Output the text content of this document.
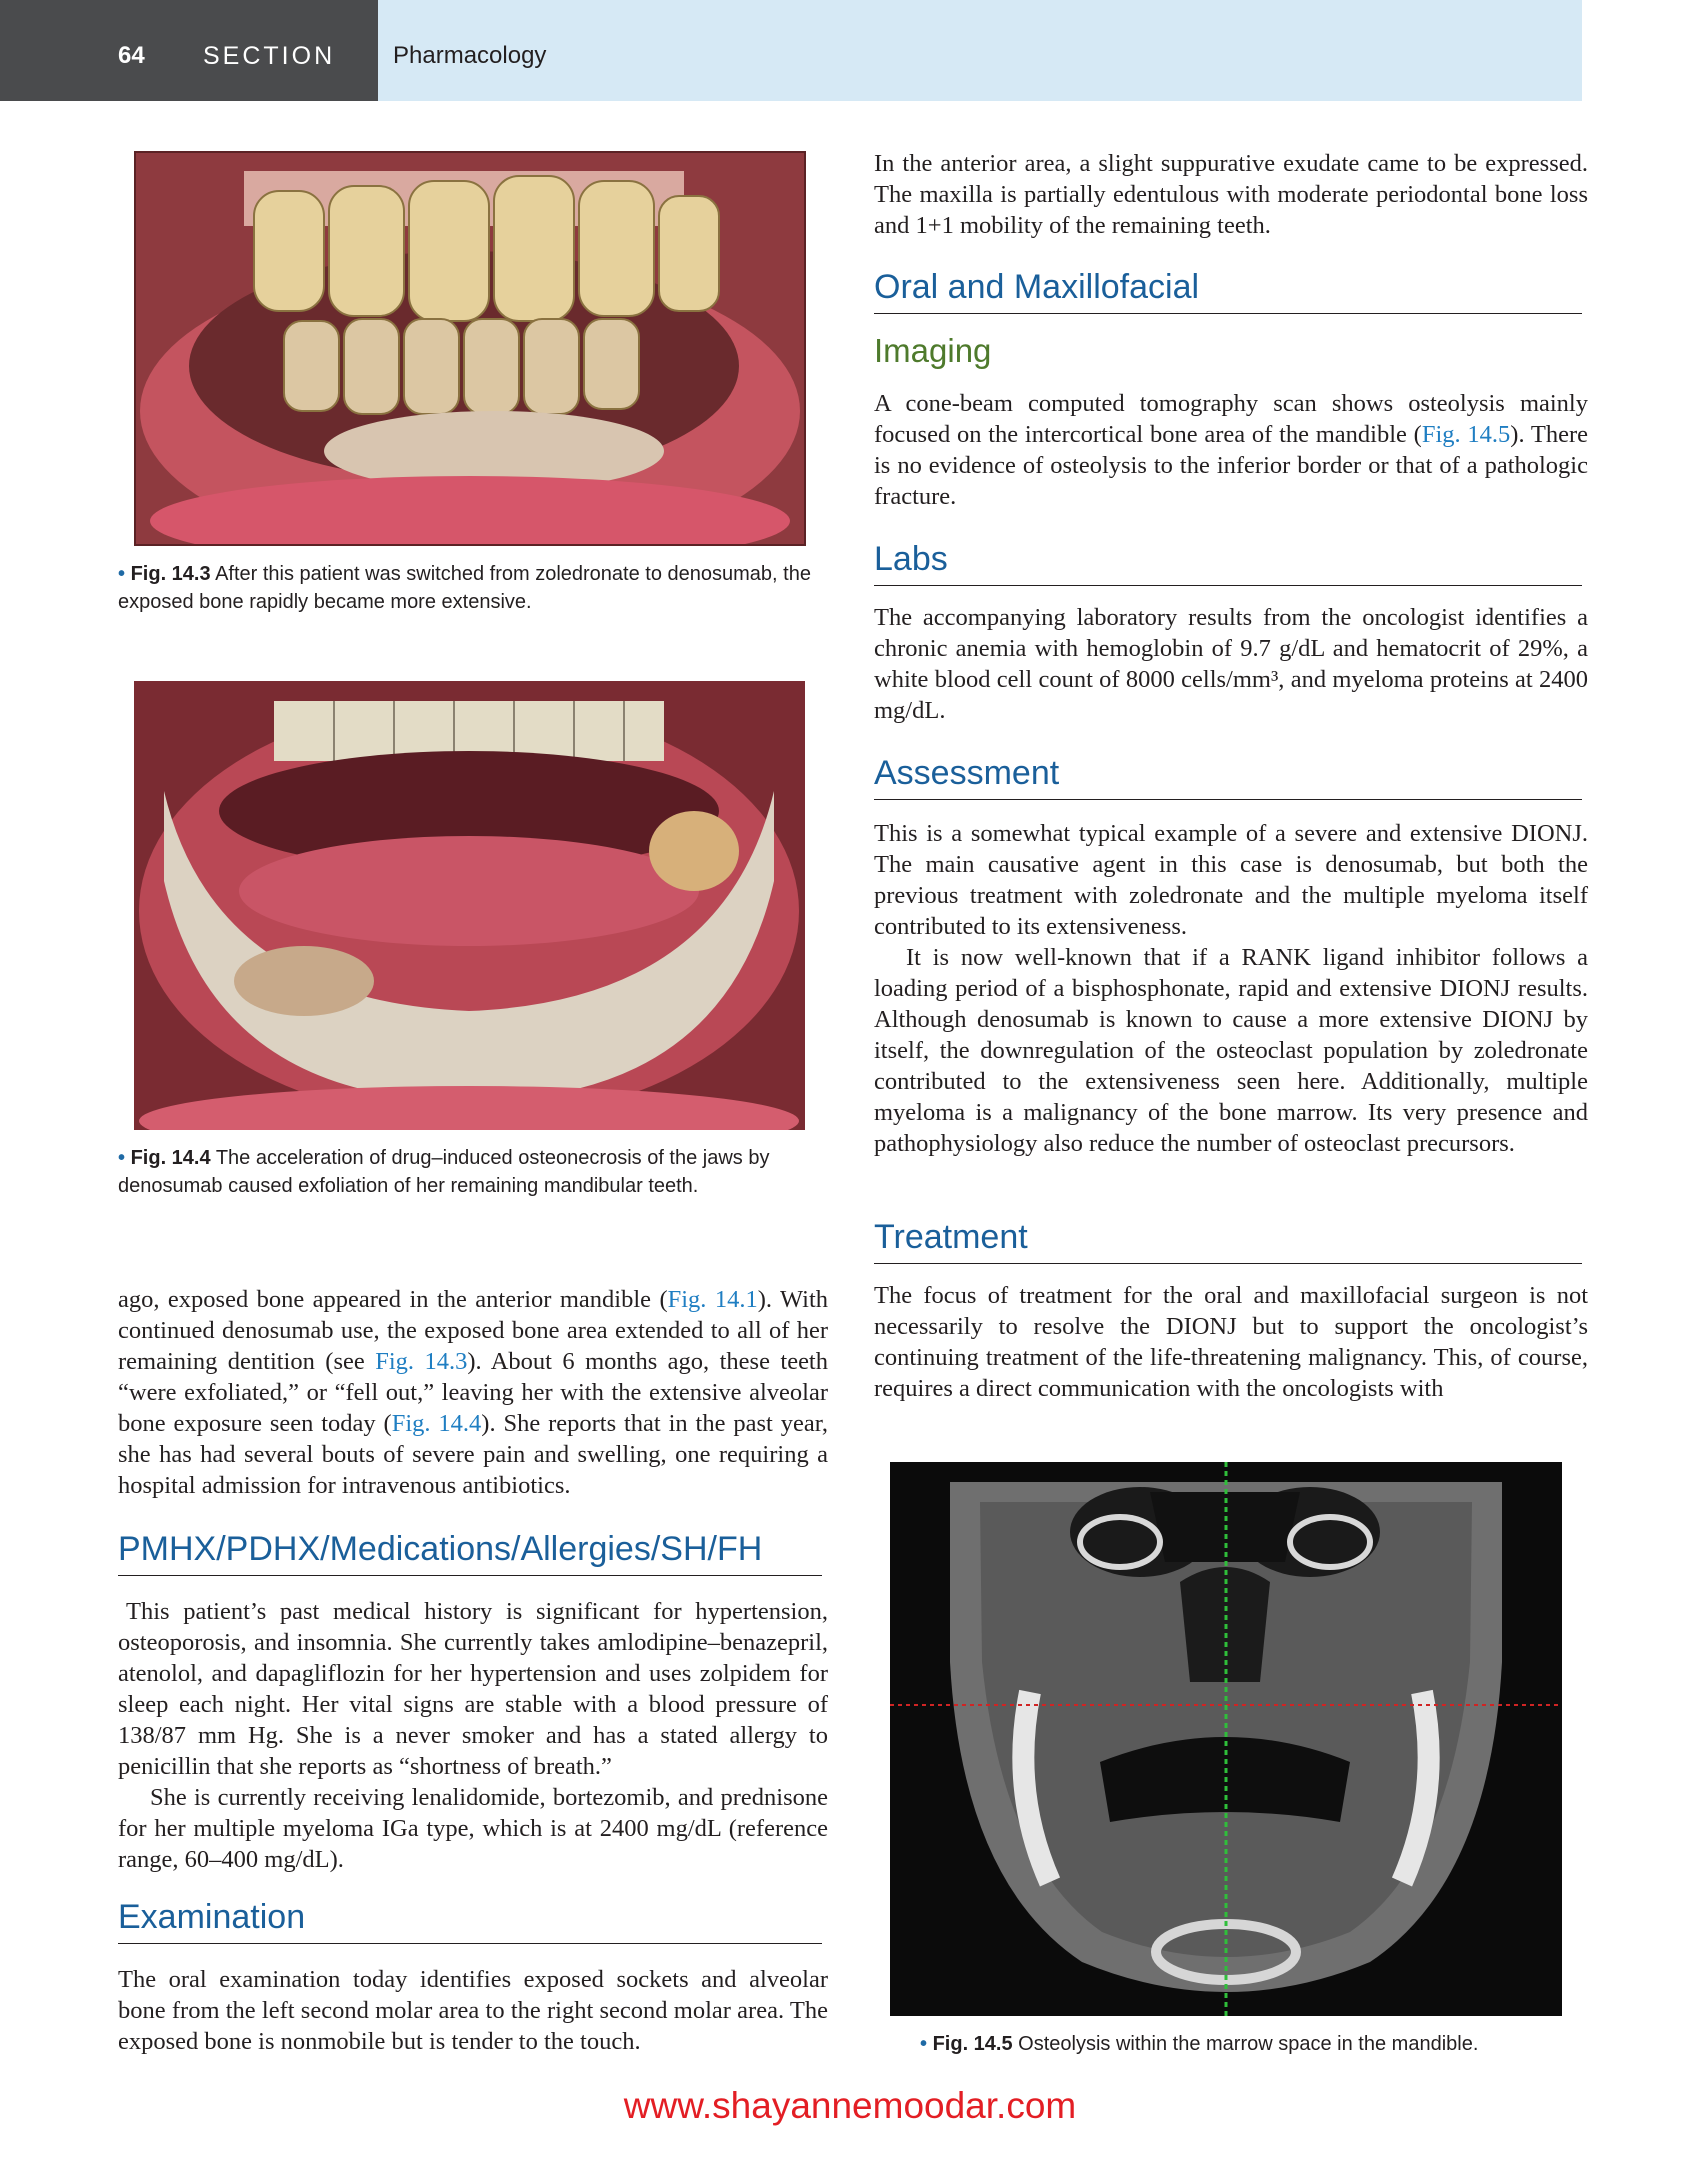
64 SECTION Pharmacology
• Fig. 14.3 After this patient was switched from zoledronate to denosumab, the exposed bone rapidly became more extensive.
• Fig. 14.4 The acceleration of drug–induced osteonecrosis of the jaws by denosumab caused exfoliation of her remaining mandibular teeth.

ago, exposed bone appeared in the anterior mandible (Fig. 14.1). With continued denosumab use, the exposed bone area extended to all of her remaining dentition (see Fig. 14.3). About 6 months ago, these teeth “were exfoliated,” or “fell out,” leaving her with the extensive alveolar bone exposure seen today (Fig. 14.4). She reports that in the past year, she has had several bouts of severe pain and swelling, one requiring a hospital admission for intravenous antibiotics.

PMHX/PDHX/Medications/Allergies/SH/FH

This patient’s past medical history is significant for hypertension, osteoporosis, and insomnia. She currently takes amlodipine–benazepril, atenolol, and dapagliflozin for her hypertension and uses zolpidem for sleep each night. Her vital signs are stable with a blood pressure of 138/87 mm Hg. She is a never smoker and has a stated allergy to penicillin that she reports as “shortness of breath.”

She is currently receiving lenalidomide, bortezomib, and prednisone for her multiple myeloma IGa type, which is at 2400 mg/dL (reference range, 60–400 mg/dL).

Examination

The oral examination today identifies exposed sockets and alveolar bone from the left second molar area to the right second molar area. The exposed bone is nonmobile but is tender to the touch.

In the anterior area, a slight suppurative exudate came to be expressed. The maxilla is partially edentulous with moderate periodontal bone loss and 1+1 mobility of the remaining teeth.

Oral and Maxillofacial
Imaging

A cone-beam computed tomography scan shows osteolysis mainly focused on the intercortical bone area of the mandible (Fig. 14.5). There is no evidence of osteolysis to the inferior border or that of a pathologic fracture.

Labs

The accompanying laboratory results from the oncologist identifies a chronic anemia with hemoglobin of 9.7 g/dL and hematocrit of 29%, a white blood cell count of 8000 cells/mm³, and myeloma proteins at 2400 mg/dL.

Assessment

This is a somewhat typical example of a severe and extensive DIONJ. The main causative agent in this case is denosumab, but both the previous treatment with zoledronate and the multiple myeloma itself contributed to its extensiveness.

It is now well-known that if a RANK ligand inhibitor follows a loading period of a bisphosphonate, rapid and extensive DIONJ results. Although denosumab is known to cause a more extensive DIONJ by itself, the downregulation of the osteoclast population by zoledronate contributed to the extensiveness seen here. Additionally, multiple myeloma is a malignancy of the bone marrow. Its very presence and pathophysiology also reduce the number of osteoclast precursors.

Treatment

The focus of treatment for the oral and maxillofacial surgeon is not necessarily to resolve the DIONJ but to support the oncologist’s continuing treatment of the life-threatening malignancy. This, of course, requires a direct communication with the oncologists with

• Fig. 14.5 Osteolysis within the marrow space in the mandible.
www.shayannemoodar.com
